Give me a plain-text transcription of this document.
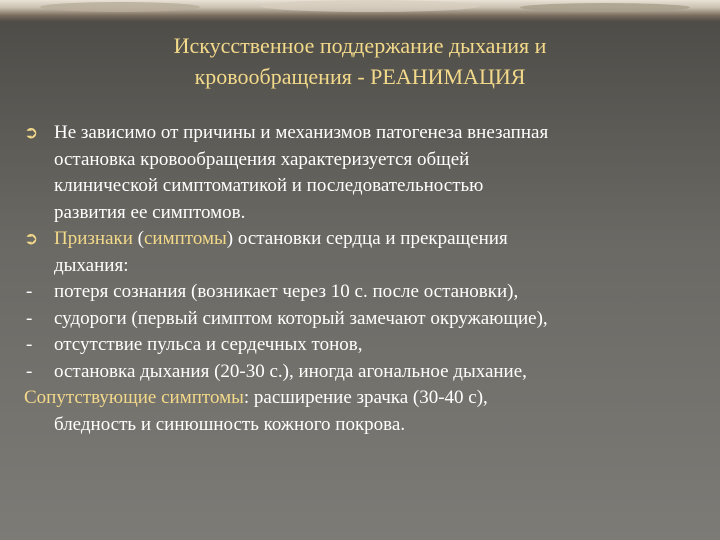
Искусственное поддержание дыхания и
кровообращения - РЕАНИМАЦИЯ
➲ Не зависимо от причины и механизмов патогенеза внезапная
остановка кровообращения характеризуется общей
клинической симптоматикой и последовательностью
развития ее симптомов.
➲ Признаки (симптомы) остановки сердца и прекращения
дыхания:
-	потеря сознания (возникает через 10 с. после остановки),
-	судороги (первый симптом который замечают окружающие),
-	отсутствие пульса и сердечных тонов,
-	остановка дыхания (20-30 с.), иногда агональное дыхание,
Сопутствующие симптомы: расширение зрачка (30-40 с),
бледность и синюшность кожного покрова.
